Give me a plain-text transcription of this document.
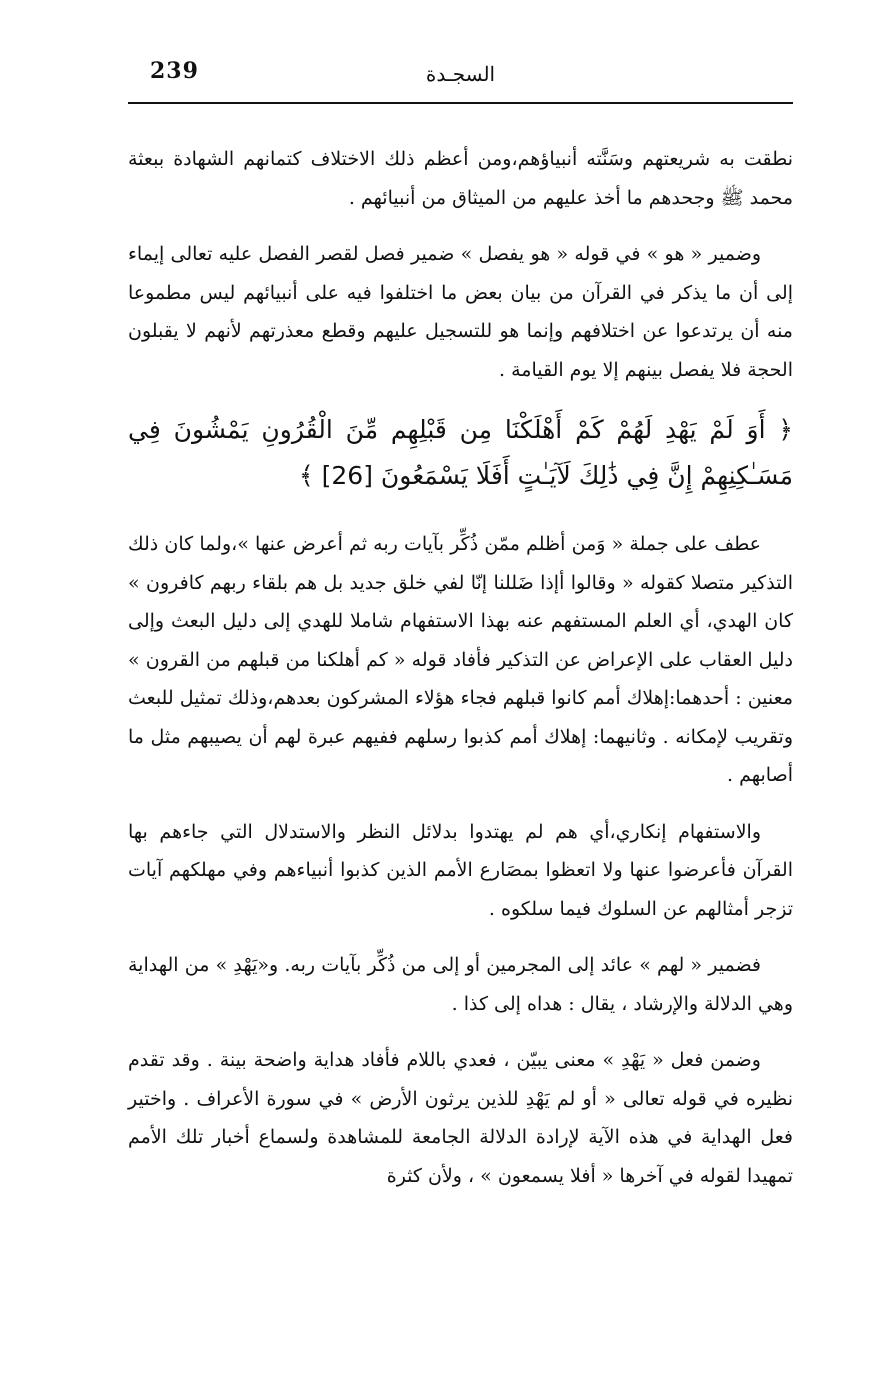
239	السجـدة

نطقت به شريعتهم وسَنَّته أنبياؤهم،ومن أعظم ذلك الاختلاف كتمانهم الشهادة ببعثة محمد ﷺ وجحدهم ما أخذ عليهم من الميثاق من أنبيائهم .

وضمير « هو » في قوله « هو يفصل » ضمير فصل لقصر الفصل عليه تعالى إيماء إلى أن ما يذكر في القرآن من بيان بعض ما اختلفوا فيه على أنبيائهم ليس مطموعا منه أن يرتدعوا عن اختلافهم وإنما هو للتسجيل عليهم وقطع معذرتهم لأنهم لا يقبلون الحجة فلا يفصل بينهم إلا يوم القيامة .

﴿ أَوَ لَمْ يَهْدِ لَهُمْ كَمْ أَهْلَكْنَا مِن قَبْلِهِم مِّنَ الْقُرُونِ يَمْشُونَ فِي مَسَـٰكِنِهِمْ إِنَّ فِي ذَٰلِكَ لَآيَـٰتٍ أَفَلَا يَسْمَعُونَ [26] ﴾

عطف على جملة « وَمن أظلم ممّن ذُكِّر بآيات ربه ثم أعرض عنها »،ولما كان ذلك التذكير متصلا كقوله « وقالوا أإذا ضَللنا إنّا لفي خلق جديد بل هم بلقاء ربهم كافرون » كان الهدي، أي العلم المستفهم عنه بهذا الاستفهام شاملا للهدي إلى دليل البعث وإلى دليل العقاب على الإعراض عن التذكير فأفاد قوله « كم أهلكنا من قبلهم من القرون » معنين : أحدهما:إهلاك أمم كانوا قبلهم فجاء هؤلاء المشركون بعدهم،وذلك تمثيل للبعث وتقريب لإمكانه . وثانيهما: إهلاك أمم كذبوا رسلهم ففيهم عبرة لهم أن يصيبهم مثل ما أصابهم .

والاستفهام إنكاري،أي هم لم يهتدوا بدلائل النظر والاستدلال التي جاءهم بها القرآن فأعرضوا عنها ولا اتعظوا بمصَارع الأمم الذين كذبوا أنبياءهم وفي مهلكهم آيات تزجر أمثالهم عن السلوك فيما سلكوه .

فضمير « لهم » عائد إلى المجرمين أو إلى من ذُكِّر بآيات ربه. و«يَهْدِ » من الهداية وهي الدلالة والإرشاد ، يقال : هداه إلى كذا .

وضمن فعل « يَهْدِ » معنى يبيّن ، فعدي باللام فأفاد هداية واضحة بينة . وقد تقدم نظيره في قوله تعالى « أو لم يَهْدِ للذين يرثون الأرض » في سورة الأعراف . واختير فعل الهداية في هذه الآية لإرادة الدلالة الجامعة للمشاهدة ولسماع أخبار تلك الأمم تمهيدا لقوله في آخرها « أفلا يسمعون » ، ولأن كثرة
